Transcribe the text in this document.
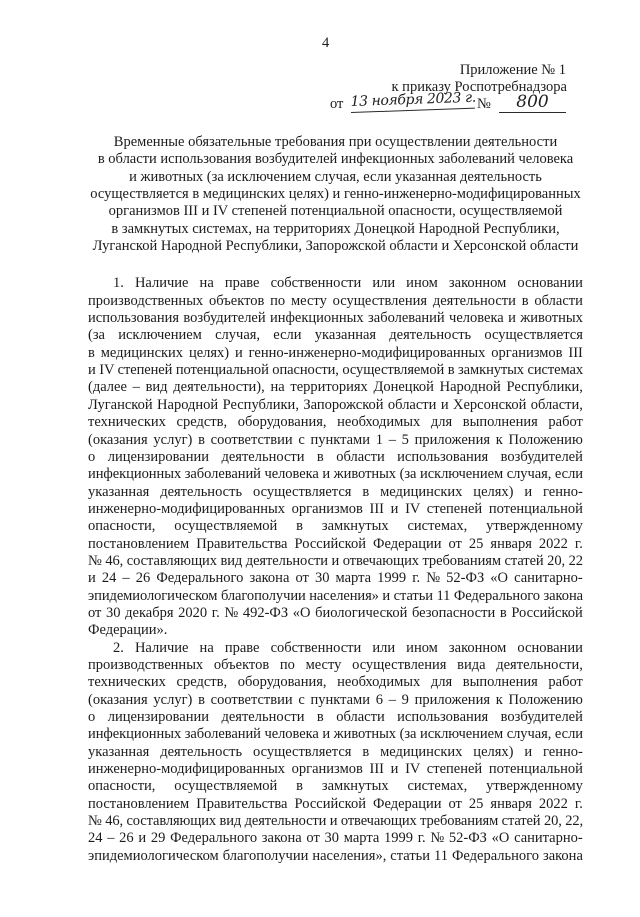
4
Приложение № 1
к приказу Роспотребнадзора
от 13 ноября 2023 г. №	800
Временные обязательные требования при осуществлении деятельности
в области использования возбудителей инфекционных заболеваний человека
и животных (за исключением случая, если указанная деятельность
осуществляется в медицинских целях) и генно-инженерно-модифицированных
организмов III и IV степеней потенциальной опасности, осуществляемой
в замкнутых системах, на территориях Донецкой Народной Республики,
Луганской Народной Республики, Запорожской области и Херсонской области
1. Наличие на праве собственности или ином законном основании
производственных объектов по месту осуществления деятельности в области
использования возбудителей инфекционных заболеваний человека и животных
(за исключением случая, если указанная деятельность осуществляется
в медицинских целях) и генно-инженерно-модифицированных организмов III
и IV степеней потенциальной опасности, осуществляемой в замкнутых системах
(далее – вид деятельности), на территориях Донецкой Народной Республики,
Луганской Народной Республики, Запорожской области и Херсонской области,
технических средств, оборудования, необходимых для выполнения работ
(оказания услуг) в соответствии с пунктами 1 – 5 приложения к Положению
о лицензировании деятельности в области использования возбудителей
инфекционных заболеваний человека и животных (за исключением случая, если
указанная деятельность осуществляется в медицинских целях) и генно-
инженерно-модифицированных организмов III и IV степеней потенциальной
опасности, осуществляемой в замкнутых системах, утвержденному
постановлением Правительства Российской Федерации от 25 января 2022 г.
№ 46, составляющих вид деятельности и отвечающих требованиям статей 20, 22
и 24 – 26 Федерального закона от 30 марта 1999 г. № 52-ФЗ «О санитарно-
эпидемиологическом благополучии населения» и статьи 11 Федерального закона
от 30 декабря 2020 г. № 492-ФЗ «О биологической безопасности в Российской
Федерации».
2. Наличие на праве собственности или ином законном основании
производственных объектов по месту осуществления вида деятельности,
технических средств, оборудования, необходимых для выполнения работ
(оказания услуг) в соответствии с пунктами 6 – 9 приложения к Положению
о лицензировании деятельности в области использования возбудителей
инфекционных заболеваний человека и животных (за исключением случая, если
указанная деятельность осуществляется в медицинских целях) и генно-
инженерно-модифицированных организмов III и IV степеней потенциальной
опасности, осуществляемой в замкнутых системах, утвержденному
постановлением Правительства Российской Федерации от 25 января 2022 г.
№ 46, составляющих вид деятельности и отвечающих требованиям статей 20, 22,
24 – 26 и 29 Федерального закона от 30 марта 1999 г. № 52-ФЗ «О санитарно-
эпидемиологическом благополучии населения», статьи 11 Федерального закона
